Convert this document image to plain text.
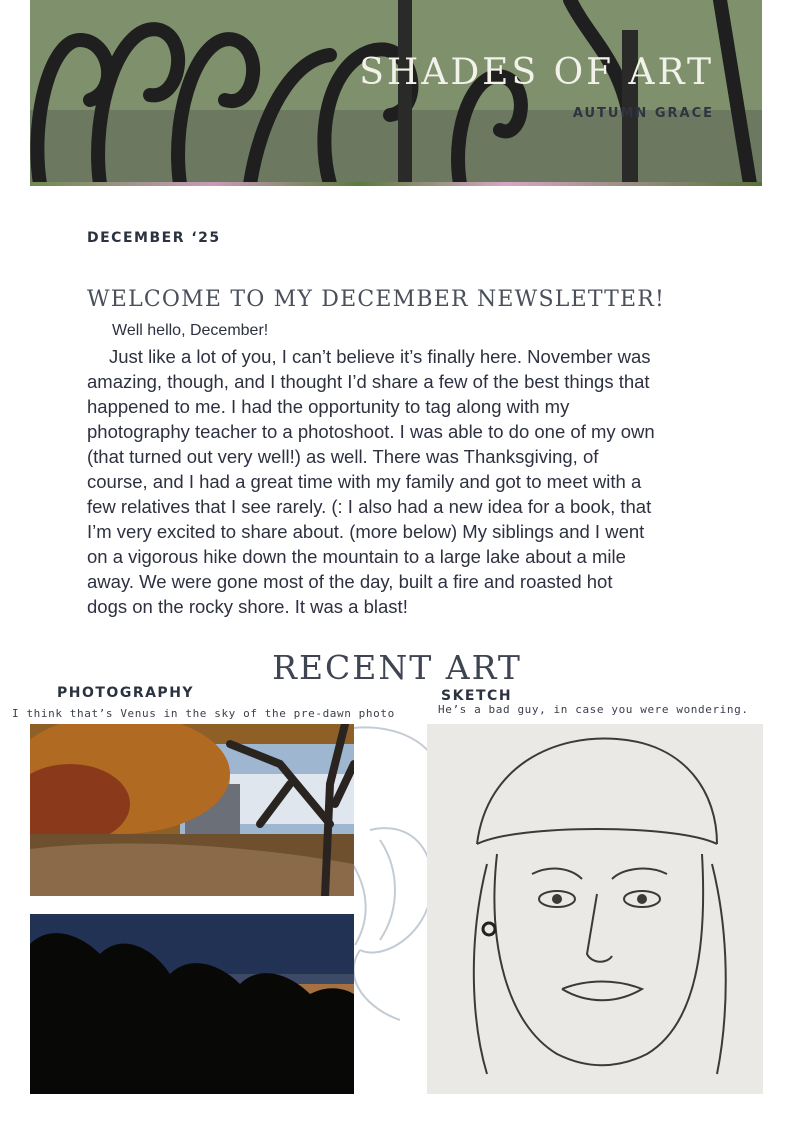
SHADES OF ART
AUTUMN GRACE
DECEMBER ‘25
WELCOME TO MY DECEMBER NEWSLETTER!
Well hello, December!

Just like a lot of you, I can’t believe it’s finally here. November was amazing, though, and I thought I’d share a few of the best things that happened to me. I had the opportunity to tag along with my photography teacher to a photoshoot. I was able to do one of my own (that turned out very well!) as well. There was Thanksgiving, of course, and I had a great time with my family and got to meet with a few relatives that I see rarely. (: I also had a new idea for a book, that I’m very excited to share about. (more below) My siblings and I went on a vigorous hike down the mountain to a large lake about a mile away. We were gone most of the day, built a fire and roasted hot dogs on the rocky shore. It was a blast!

RECENT ART
PHOTOGRAPHY
I think that’s Venus in the sky of the pre-dawn photo
SKETCH
He’s a bad guy, in case you were wondering.
